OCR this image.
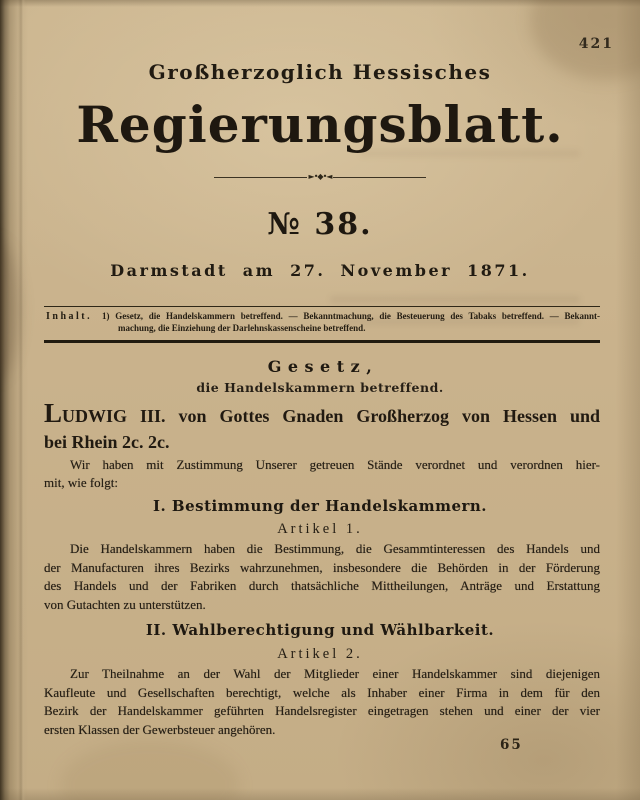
421
Großherzoglich Hessisches
Regierungsblatt.
►•◆•◄
№ 38.
Darmstadt am 27. November 1871.
Inhalt. 1) Gesetz, die Handelskammern betreffend. — Bekanntmachung, die Besteuerung des Tabaks betreffend. — Bekannt-
machung, die Einziehung der Darlehnskassenscheine betreffend.
Gesetz,
die Handelskammern betreffend.
LUDWIG III. von Gottes Gnaden Großherzog von Hessen und
bei Rhein 2c. 2c.
Wir haben mit Zustimmung Unserer getreuen Stände verordnet und verordnen hier-
mit, wie folgt:
I. Bestimmung der Handelskammern.
Artikel 1.
Die Handelskammern haben die Bestimmung, die Gesammtinteressen des Handels und
der Manufacturen ihres Bezirks wahrzunehmen, insbesondere die Behörden in der Förderung
des Handels und der Fabriken durch thatsächliche Mittheilungen, Anträge und Erstattung
von Gutachten zu unterstützen.
II. Wahlberechtigung und Wählbarkeit.
Artikel 2.
Zur Theilnahme an der Wahl der Mitglieder einer Handelskammer sind diejenigen
Kaufleute und Gesellschaften berechtigt, welche als Inhaber einer Firma in dem für den
Bezirk der Handelskammer geführten Handelsregister eingetragen stehen und einer der vier
ersten Klassen der Gewerbsteuer angehören.
65
